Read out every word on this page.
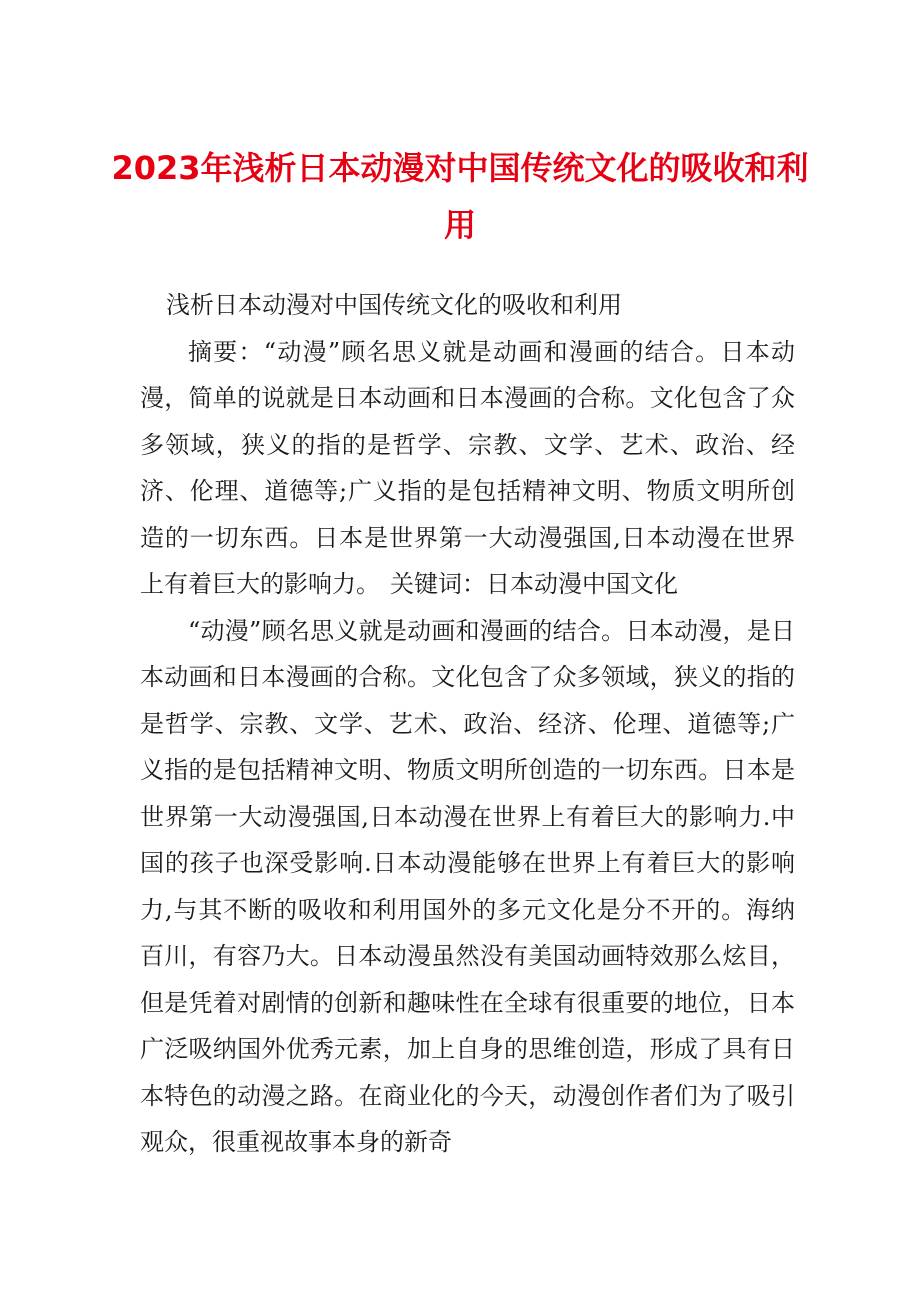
2023年浅析日本动漫对中国传统文化的吸收和利用

浅析日本动漫对中国传统文化的吸收和利用

摘要：“动漫”顾名思义就是动画和漫画的结合。日本动漫，简单的说就是日本动画和日本漫画的合称。文化包含了众多领域，狭义的指的是哲学、宗教、文学、艺术、政治、经济、伦理、道德等;广义指的是包括精神文明、物质文明所创造的一切东西。日本是世界第一大动漫强国,日本动漫在世界上有着巨大的影响力。 关键词：日本动漫中国文化

“动漫”顾名思义就是动画和漫画的结合。日本动漫，是日本动画和日本漫画的合称。文化包含了众多领域，狭义的指的是哲学、宗教、文学、艺术、政治、经济、伦理、道德等;广义指的是包括精神文明、物质文明所创造的一切东西。日本是世界第一大动漫强国,日本动漫在世界上有着巨大的影响力.中国的孩子也深受影响.日本动漫能够在世界上有着巨大的影响力,与其不断的吸收和利用国外的多元文化是分不开的。海纳百川，有容乃大。日本动漫虽然没有美国动画特效那么炫目，但是凭着对剧情的创新和趣味性在全球有很重要的地位，日本广泛吸纳国外优秀元素，加上自身的思维创造，形成了具有日本特色的动漫之路。在商业化的今天，动漫创作者们为了吸引观众，很重视故事本身的新奇
